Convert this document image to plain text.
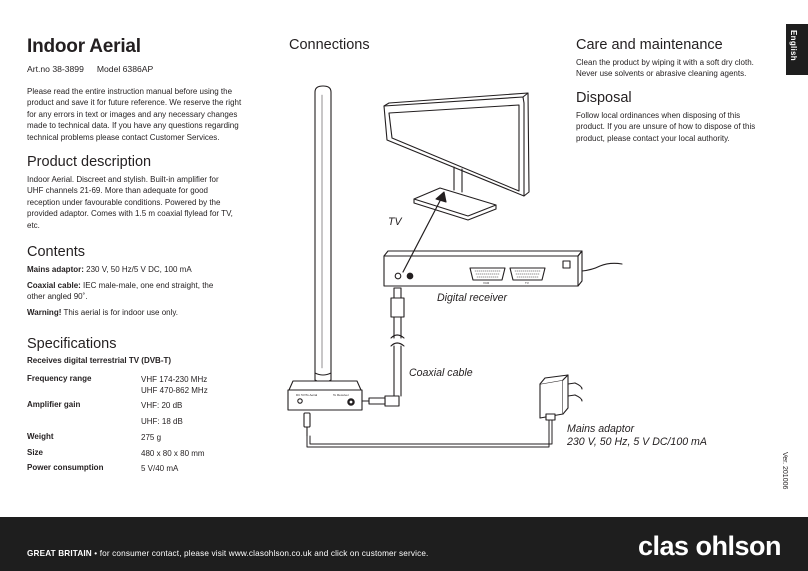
Indoor Aerial
Art.no 38-3899 Model 6386AP

Please read the entire instruction manual before using the product and save it for future reference. We reserve the right for any errors in text or images and any necessary changes made to technical data. If you have any questions regarding technical problems please contact Customer Services.

Product description

Indoor Aerial. Discreet and stylish. Built-in amplifier for UHF channels 21-69. More than adequate for good reception under favourable conditions. Powered by the provided adaptor. Comes with 1.5 m coaxial flylead for TV, etc.

Contents
Mains adaptor: 230 V, 50 Hz/5 V DC, 100 mA
Coaxial cable: IEC male-male, one end straight, the other angled 90˚.
Warning! This aerial is for indoor use only.
Specifications
Receives digital terrestrial TV (DVB-T)
Frequency range	VHF 174-230 MHz
UHF 470-862 MHz
Amplifier gain	VHF: 20 dB
UHF: 18 dB
Weight	275 g
Size	480 x 80 x 80 mm
Power consumption	5 V/40 mA
Connections
DC 5V/To Aerial	To Receiver
VCR	TV
TV
Digital receiver
Coaxial cable
Mains adaptor
230 V, 50 Hz, 5 V DC/100 mA
Care and maintenance

Clean the product by wiping it with a soft dry cloth. Never use solvents or abrasive cleaning agents.

Disposal

Follow local ordinances when disposing of this product. If you are unsure of how to dispose of this product, please contact your local authority.

English
Ver. 201006
GREAT BRITAIN • for consumer contact, please visit www.clasohlson.co.uk and click on customer service.	clas ohlson
